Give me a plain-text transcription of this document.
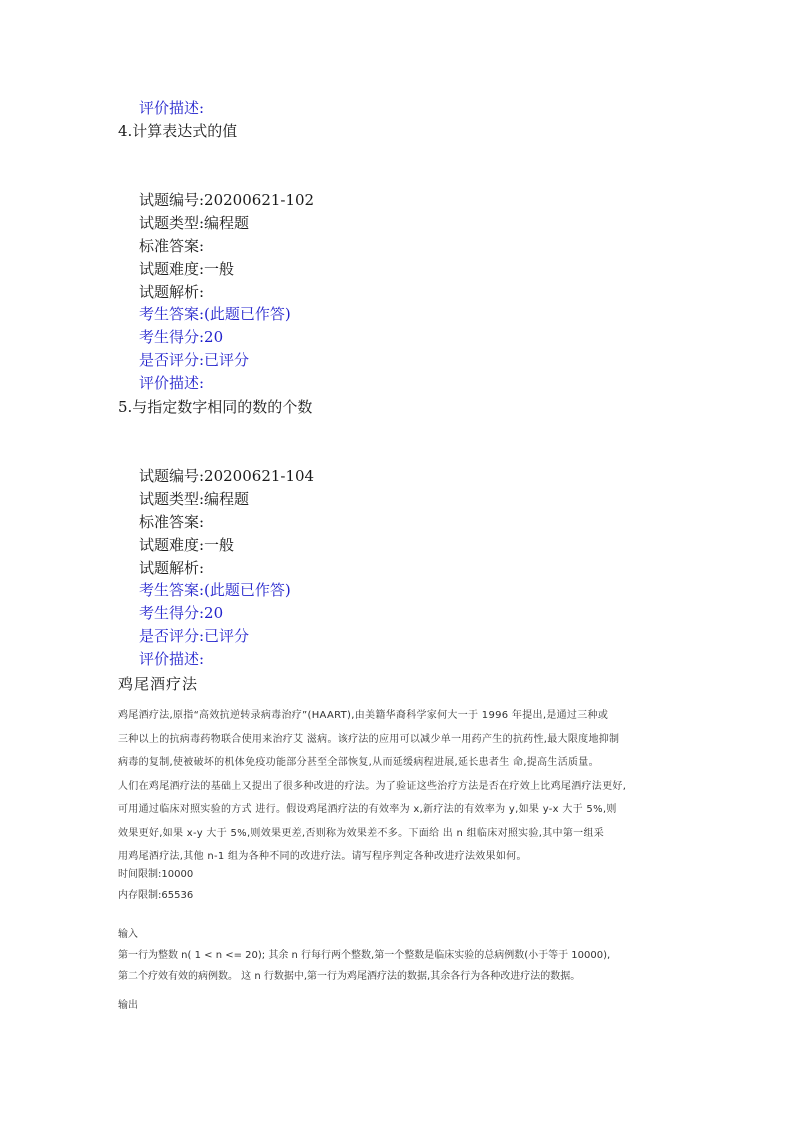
评价描述:
4.计算表达式的值
试题编号:20200621-102
试题类型:编程题
标准答案:
试题难度:一般
试题解析:
考生答案:(此题已作答)
考生得分:20
是否评分:已评分
评价描述:
5.与指定数字相同的数的个数
试题编号:20200621-104
试题类型:编程题
标准答案:
试题难度:一般
试题解析:
考生答案:(此题已作答)
考生得分:20
是否评分:已评分
评价描述:
鸡尾酒疗法
鸡尾酒疗法,原指“高效抗逆转录病毒治疗”(HAART),由美籍华裔科学家何大一于 1996 年提出,是通过三种或
三种以上的抗病毒药物联合使用来治疗艾 滋病。该疗法的应用可以减少单一用药产生的抗药性,最大限度地抑制
病毒的复制,使被破坏的机体免疫功能部分甚至全部恢复,从而延缓病程进展,延长患者生 命,提高生活质量。
人们在鸡尾酒疗法的基础上又提出了很多种改进的疗法。为了验证这些治疗方法是否在疗效上比鸡尾酒疗法更好,
可用通过临床对照实验的方式 进行。假设鸡尾酒疗法的有效率为 x,新疗法的有效率为 y,如果 y-x 大于 5%,则
效果更好,如果 x-y 大于 5%,则效果更差,否则称为效果差不多。下面给 出 n 组临床对照实验,其中第一组采
用鸡尾酒疗法,其他 n-1 组为各种不同的改进疗法。请写程序判定各种改进疗法效果如何。
时间限制:10000
内存限制:65536
输入
第一行为整数 n( 1 < n <= 20); 其余 n 行每行两个整数,第一个整数是临床实验的总病例数(小于等于 10000),
第二个疗效有效的病例数。 这 n 行数据中,第一行为鸡尾酒疗法的数据,其余各行为各种改进疗法的数据。
输出
